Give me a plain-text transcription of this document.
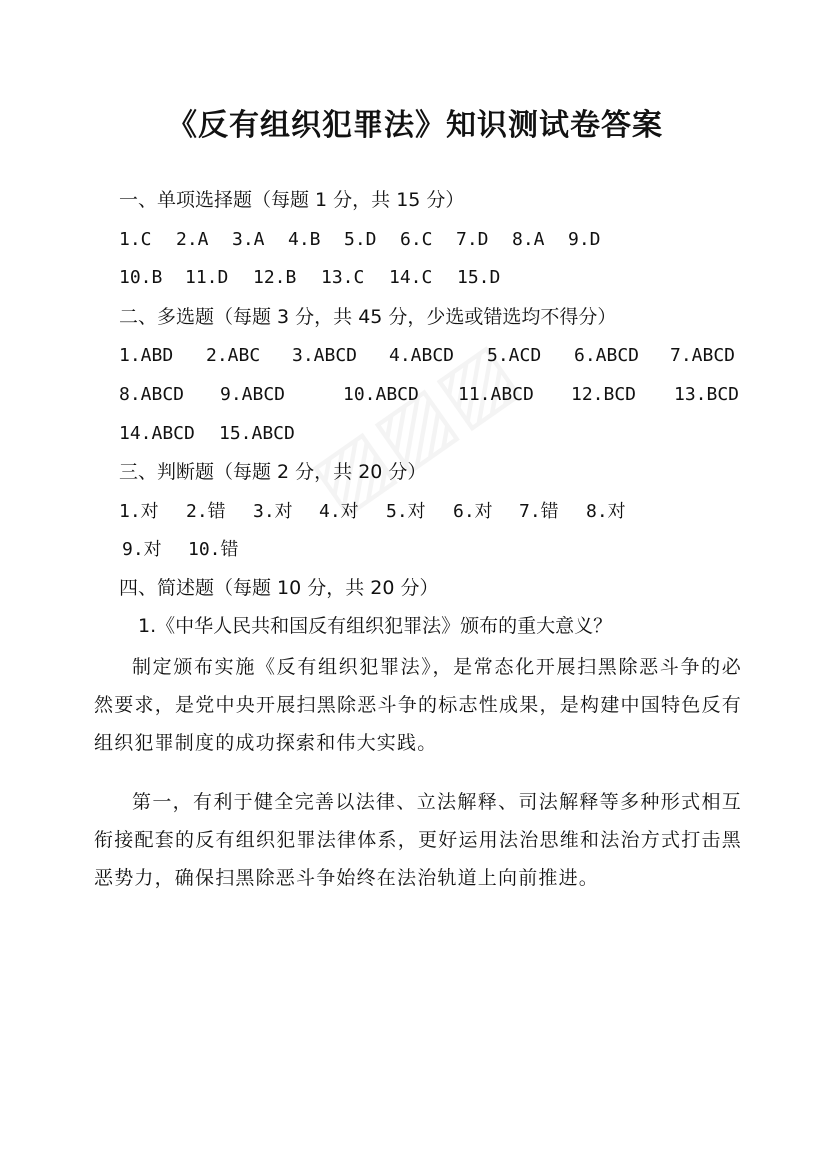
《反有组织犯罪法》知识测试卷答案
一、单项选择题（每题 1 分，共 15 分）
1.C	2.A	3.A	4.B	5.D	6.C	7.D	8.A	9.D
10.B	11.D	12.B	13.C	14.C	15.D
二、多选题（每题 3 分，共 45 分，少选或错选均不得分）
1.ABD	2.ABC	3.ABCD	4.ABCD	5.ACD	6.ABCD	7.ABCD
8.ABCD	9.ABCD	10.ABCD	11.ABCD	12.BCD	13.BCD
14.ABCD	15.ABCD
三、判断题（每题 2 分，共 20 分）
1.对	2.错	3.对	4.对	5.对	6.对	7.错	8.对
9.对	10.错
四、简述题（每题 10 分，共 20 分）
1.《中华人民共和国反有组织犯罪法》颁布的重大意义？
制定颁布实施《反有组织犯罪法》，是常态化开展扫黑除恶斗争的必然要求，是党中央开展扫黑除恶斗争的标志性成果，是构建中国特色反有组织犯罪制度的成功探索和伟大实践。
第一，有利于健全完善以法律、立法解释、司法解释等多种形式相互衔接配套的反有组织犯罪法律体系，更好运用法治思维和法治方式打击黑恶势力，确保扫黑除恶斗争始终在法治轨道上向前推进。
